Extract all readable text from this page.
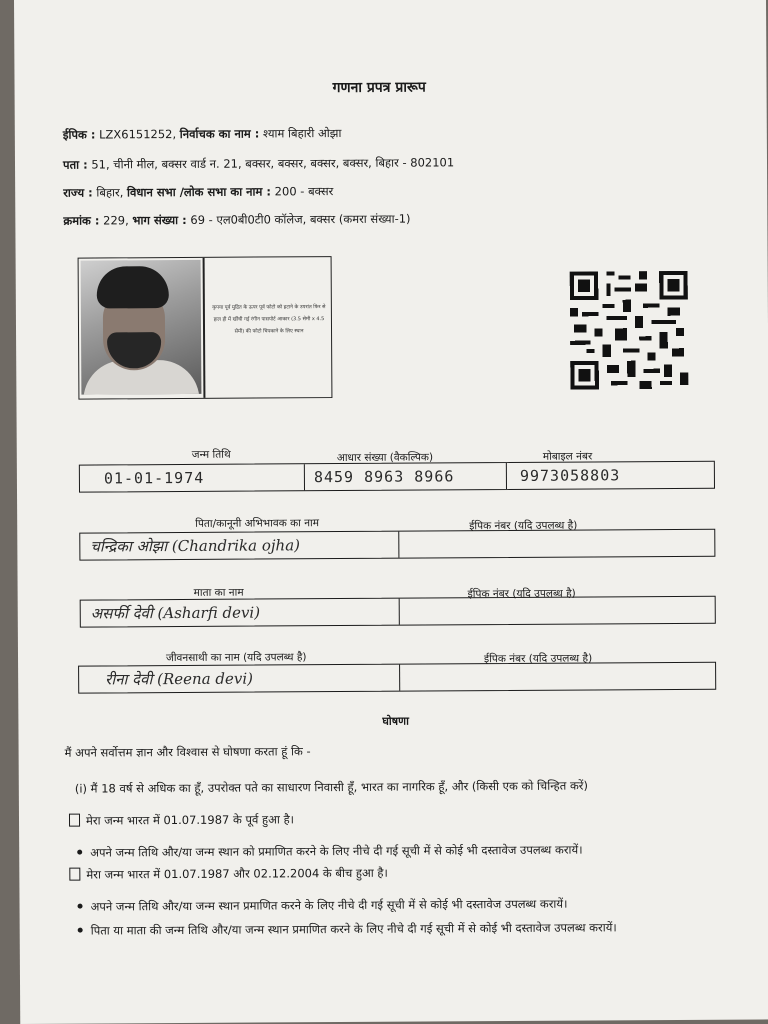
गणना प्रपत्र प्रारूप
ईपिक : LZX6151252, निर्वाचक का नाम : श्याम बिहारी ओझा
पता : 51, चीनी मील, बक्सर वार्ड न. 21, बक्सर, बक्सर, बक्सर, बक्सर, बिहार - 802101
राज्य : बिहार, विधान सभा /लोक सभा का नाम : 200 - बक्सर
क्रमांक : 229, भाग संख्या : 69 - एल0बी0टी0 कॉलेज, बक्सर (कमरा संख्या-1)
कृपया पूर्व मुद्रित के ऊपर पूर्व फोटो को हटाने के उपरांत फिर से हाल ही में खींची गई रंगीन पासपोर्ट आकार (3.5 सेमी x 4.5 सेमी) की फोटो चिपकाने के लिए स्थान
जन्म तिथि	आधार संख्या (वैकल्पिक)	मोबाइल नंबर
01-01-1974	8459 8963 8966	9973058803
पिता/कानूनी अभिभावक का नाम	ईपिक नंबर (यदि उपलब्ध है)
चन्द्रिका ओझा (Chandrika ojha)
माता का नाम	ईपिक नंबर (यदि उपलब्ध है)
असर्फी देवी (Asharfi devi)
जीवनसाथी का नाम (यदि उपलब्ध है)	ईपिक नंबर (यदि उपलब्ध है)
रीना देवी (Reena devi)
घोषणा
मैं अपने सर्वोत्तम ज्ञान और विश्वास से घोषणा करता हूं कि -
(i) मैं 18 वर्ष से अधिक का हूँ, उपरोक्त पते का साधारण निवासी हूँ, भारत का नागरिक हूँ, और (किसी एक को चिन्हित करें)
मेरा जन्म भारत में 01.07.1987 के पूर्व हुआ है।
अपने जन्म तिथि और/या जन्म स्थान को प्रमाणित करने के लिए नीचे दी गई सूची में से कोई भी दस्तावेज उपलब्ध करायें।
मेरा जन्म भारत में 01.07.1987 और 02.12.2004 के बीच हुआ है।
अपने जन्म तिथि और/या जन्म स्थान प्रमाणित करने के लिए नीचे दी गई सूची में से कोई भी दस्तावेज उपलब्ध करायें।
पिता या माता की जन्म तिथि और/या जन्म स्थान प्रमाणित करने के लिए नीचे दी गई सूची में से कोई भी दस्तावेज उपलब्ध करायें।
